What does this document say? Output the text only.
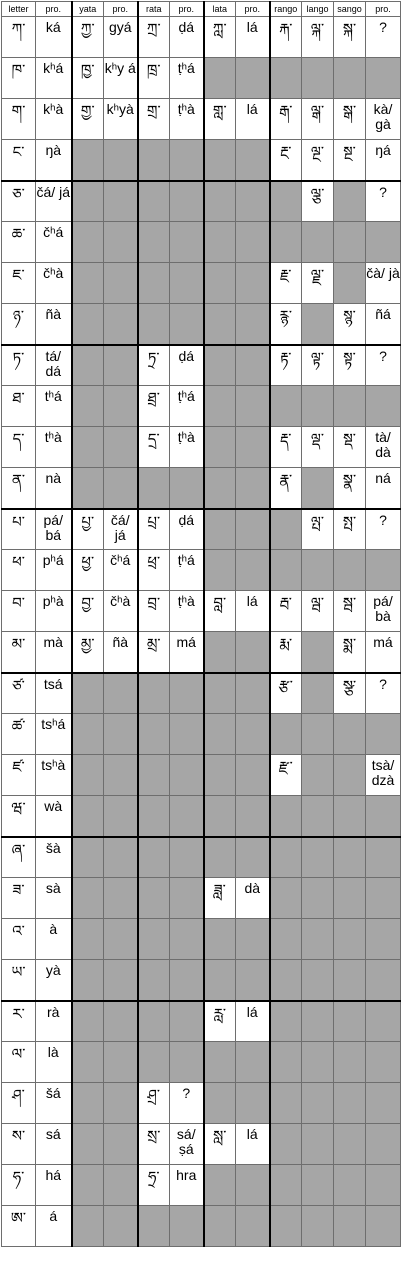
letter	pro.	yata	pro.	rata	pro.	lata	pro.	rango	lango	sango	pro.
ཀ་	ká	ཀྱ་	gyá	ཀྲ་	ḍá	ཀླ་	lá	རྐ་	ལྐ་	སྐ་	?
ཁ་	kʰá	ཁྱ་	kʰy á	ཁྲ་	ṭʰá						
ག་	kʰà	གྱ་	kʰyà	གྲ་	ṭʰà	གླ་	lá	རྒ་	ལྒ་	སྒ་	kà/ gà
ང་	ŋà							རྔ་	ལྔ་	སྔ་	ŋá
ཅ་	čá/ já								ལྕ་		?
ཆ་	čʰá										
ཇ་	čʰà							རྗ་	ལྗ་		čà/ jà
ཉ་	ñà							རྙ་		སྙ་	ñá
ཏ་	tá/ dá			ཏྲ་	ḍá			རྟ་	ལྟ་	སྟ་	?
ཐ་	tʰá			ཐྲ་	ṭʰá						
ད་	tʰà			དྲ་	ṭʰà			རྡ་	ལྡ་	སྡ་	tà/ dà
ན་	nà							རྣ་		སྣ་	ná
པ་	pá/ bá	པྱ་	čá/ já	པྲ་	ḍá				ལྤ་	སྤ་	?
ཕ་	pʰá	ཕྱ་	čʰá	ཕྲ་	ṭʰá						
བ་	pʰà	བྱ་	čʰà	བྲ་	ṭʰà	བླ་	lá	རྦ་	ལྦ་	སྦ་	pá/ bà
མ་	mà	མྱ་	ñà	མྲ་	má			རྨ་		སྨ་	má
ཙ་	tsá							རྩ་		སྩ་	?
ཚ་	tsʰá										
ཛ་	tsʰà							རྫ་			tsà/ dzà
ཝ་	wà										
ཞ་	šà										
ཟ་	sà					ཟླ་	dà				
འ་	à										
ཡ་	yà										
ར་	rà					རླ་	lá				
ལ་	là										
ཤ་	šá			ཤྲ་	?						
ས་	sá			སྲ་	sá/ ṣá	སླ་	lá				
ཧ་	há			ཧྲ་	hra						
ཨ་	á										
